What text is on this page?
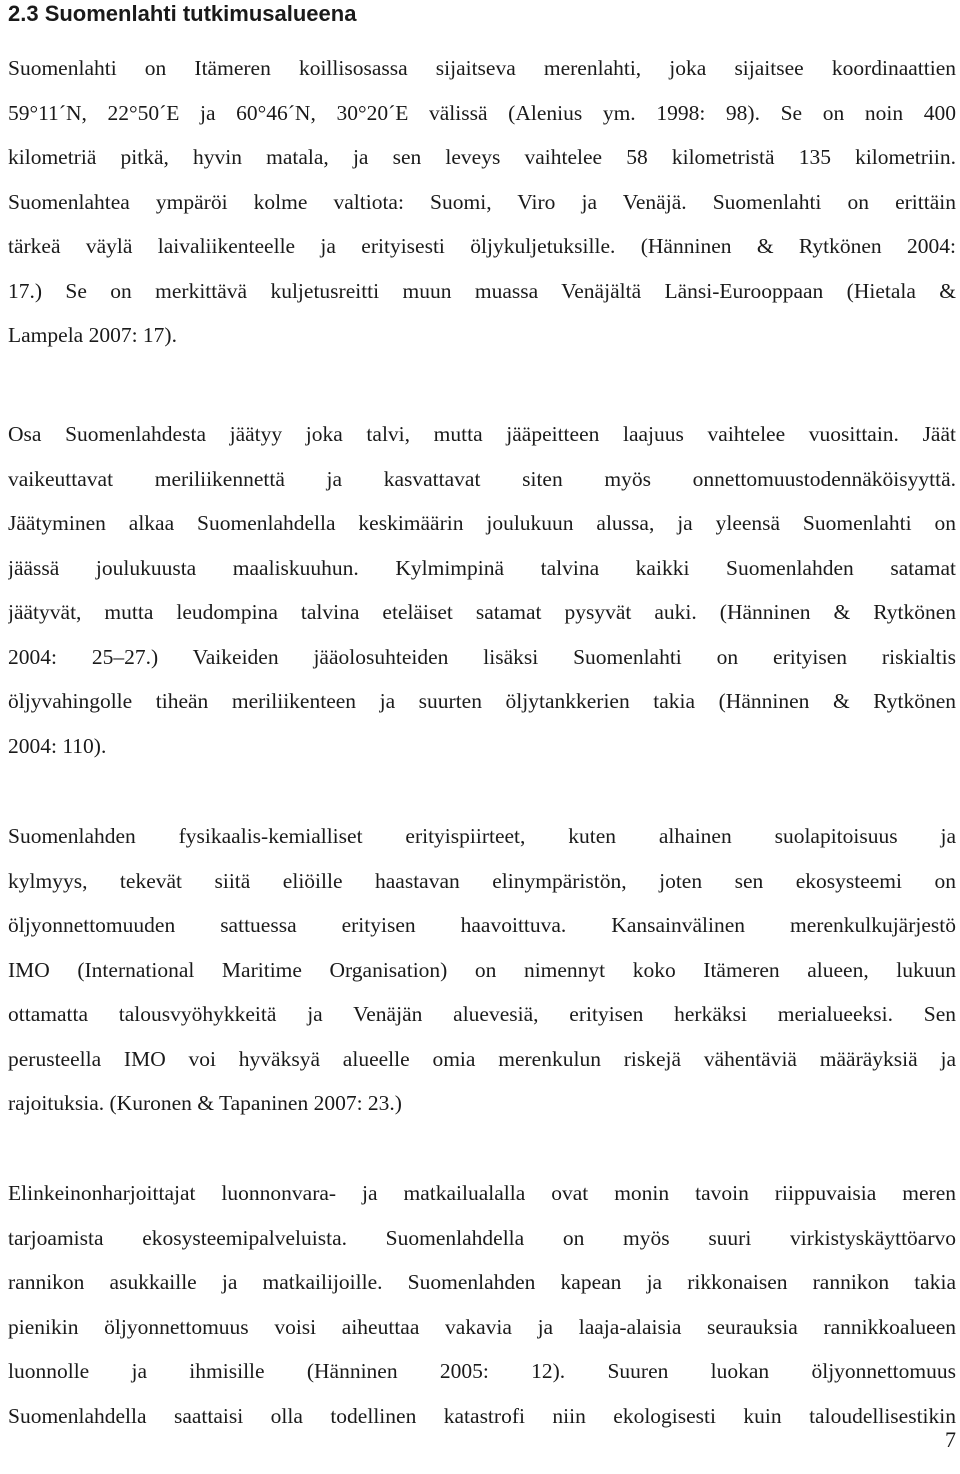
2.3 Suomenlahti tutkimusalueena
Suomenlahti on Itämeren koillisosassa sijaitseva merenlahti, joka sijaitsee koordinaattien
59°11´N, 22°50´E ja 60°46´N, 30°20´E välissä (Alenius ym. 1998: 98). Se on noin 400
kilometriä pitkä, hyvin matala, ja sen leveys vaihtelee 58 kilometristä 135 kilometriin.
Suomenlahtea ympäröi kolme valtiota: Suomi, Viro ja Venäjä. Suomenlahti on erittäin
tärkeä väylä laivaliikenteelle ja erityisesti öljykuljetuksille. (Hänninen & Rytkönen 2004:
17.) Se on merkittävä kuljetusreitti muun muassa Venäjältä Länsi-Eurooppaan (Hietala &
Lampela 2007: 17).
Osa Suomenlahdesta jäätyy joka talvi, mutta jääpeitteen laajuus vaihtelee vuosittain. Jäät
vaikeuttavat meriliikennettä ja kasvattavat siten myös onnettomuustodennäköisyyttä.
Jäätyminen alkaa Suomenlahdella keskimäärin joulukuun alussa, ja yleensä Suomenlahti on
jäässä joulukuusta maaliskuuhun. Kylmimpinä talvina kaikki Suomenlahden satamat
jäätyvät, mutta leudompina talvina eteläiset satamat pysyvät auki. (Hänninen & Rytkönen
2004: 25–27.) Vaikeiden jääolosuhteiden lisäksi Suomenlahti on erityisen riskialtis
öljyvahingolle tiheän meriliikenteen ja suurten öljytankkerien takia (Hänninen & Rytkönen
2004: 110).
Suomenlahden fysikaalis-kemialliset erityispiirteet, kuten alhainen suolapitoisuus ja
kylmyys, tekevät siitä eliöille haastavan elinympäristön, joten sen ekosysteemi on
öljyonnettomuuden sattuessa erityisen haavoittuva. Kansainvälinen merenkulkujärjestö
IMO (International Maritime Organisation) on nimennyt koko Itämeren alueen, lukuun
ottamatta talousvyöhykkeitä ja Venäjän aluevesiä, erityisen herkäksi merialueeksi. Sen
perusteella IMO voi hyväksyä alueelle omia merenkulun riskejä vähentäviä määräyksiä ja
rajoituksia. (Kuronen & Tapaninen 2007: 23.)
Elinkeinonharjoittajat luonnonvara- ja matkailualalla ovat monin tavoin riippuvaisia meren
tarjoamista ekosysteemipalveluista. Suomenlahdella on myös suuri virkistyskäyttöarvo
rannikon asukkaille ja matkailijoille. Suomenlahden kapean ja rikkonaisen rannikon takia
pienikin öljyonnettomuus voisi aiheuttaa vakavia ja laaja-alaisia seurauksia rannikkoalueen
luonnolle ja ihmisille (Hänninen 2005: 12). Suuren luokan öljyonnettomuus
Suomenlahdella saattaisi olla todellinen katastrofi niin ekologisesti kuin taloudellisestikin
7
